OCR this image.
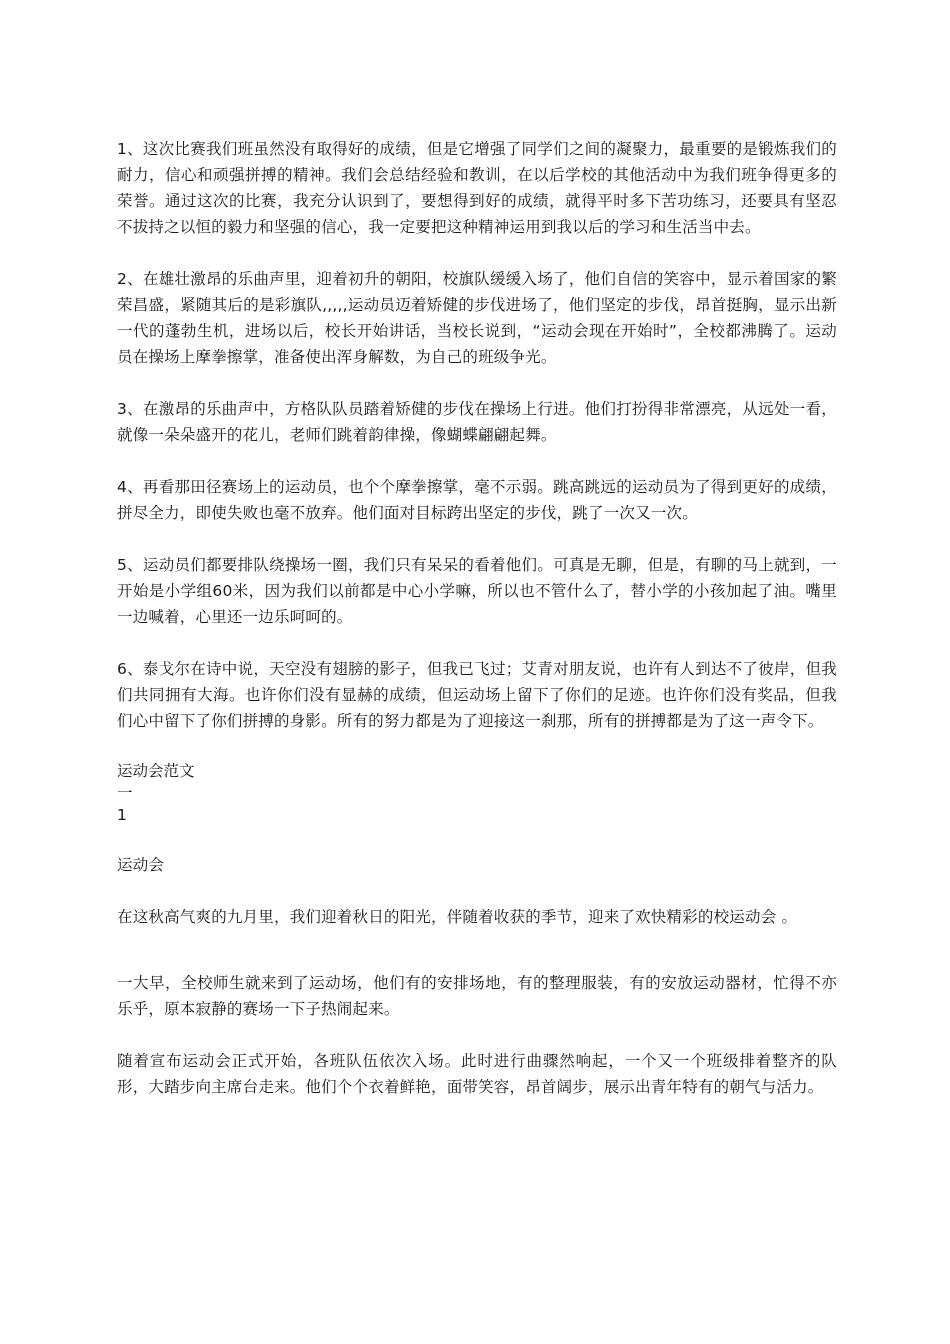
1、这次比赛我们班虽然没有取得好的成绩，但是它增强了同学们之间的凝聚力，最重要的是锻炼我们的耐力，信心和顽强拼搏的精神。我们会总结经验和教训，在以后学校的其他活动中为我们班争得更多的荣誉。通过这次的比赛，我充分认识到了，要想得到好的成绩，就得平时多下苦功练习，还要具有坚忍不拔持之以恒的毅力和坚强的信心，我一定要把这种精神运用到我以后的学习和生活当中去。

2、在雄壮激昂的乐曲声里，迎着初升的朝阳，校旗队缓缓入场了，他们自信的笑容中，显示着国家的繁荣昌盛，紧随其后的是彩旗队,,,,,运动员迈着矫健的步伐进场了，他们坚定的步伐，昂首挺胸，显示出新一代的蓬勃生机，进场以后，校长开始讲话，当校长说到，“运动会现在开始时”，全校都沸腾了。运动员在操场上摩拳擦掌，准备使出浑身解数，为自己的班级争光。

3、在激昂的乐曲声中，方格队队员踏着矫健的步伐在操场上行进。他们打扮得非常漂亮，从远处一看，就像一朵朵盛开的花儿，老师们跳着韵律操，像蝴蝶翩翩起舞。

4、再看那田径赛场上的运动员，也个个摩拳擦掌，毫不示弱。跳高跳远的运动员为了得到更好的成绩，拼尽全力，即使失败也毫不放弃。他们面对目标跨出坚定的步伐，跳了一次又一次。

5、运动员们都要排队绕操场一圈，我们只有呆呆的看着他们。可真是无聊，但是，有聊的马上就到，一开始是小学组60米，因为我们以前都是中心小学嘛，所以也不管什么了，替小学的小孩加起了油。嘴里一边喊着，心里还一边乐呵呵的。

6、泰戈尔在诗中说，天空没有翅膀的影子，但我已飞过；艾青对朋友说，也许有人到达不了彼岸，但我们共同拥有大海。也许你们没有显赫的成绩，但运动场上留下了你们的足迹。也许你们没有奖品，但我们心中留下了你们拼搏的身影。所有的努力都是为了迎接这一刹那，所有的拼搏都是为了这一声令下。

运动会范文

一

1

运动会

在这秋高气爽的九月里，我们迎着秋日的阳光，伴随着收获的季节，迎来了欢快精彩的校运动会 。

一大早，全校师生就来到了运动场，他们有的安排场地，有的整理服装，有的安放运动器材，忙得不亦乐乎，原本寂静的赛场一下子热闹起来。

随着宣布运动会正式开始，各班队伍依次入场。此时进行曲骤然响起，一个又一个班级排着整齐的队形，大踏步向主席台走来。他们个个衣着鲜艳，面带笑容，昂首阔步，展示出青年特有的朝气与活力。
